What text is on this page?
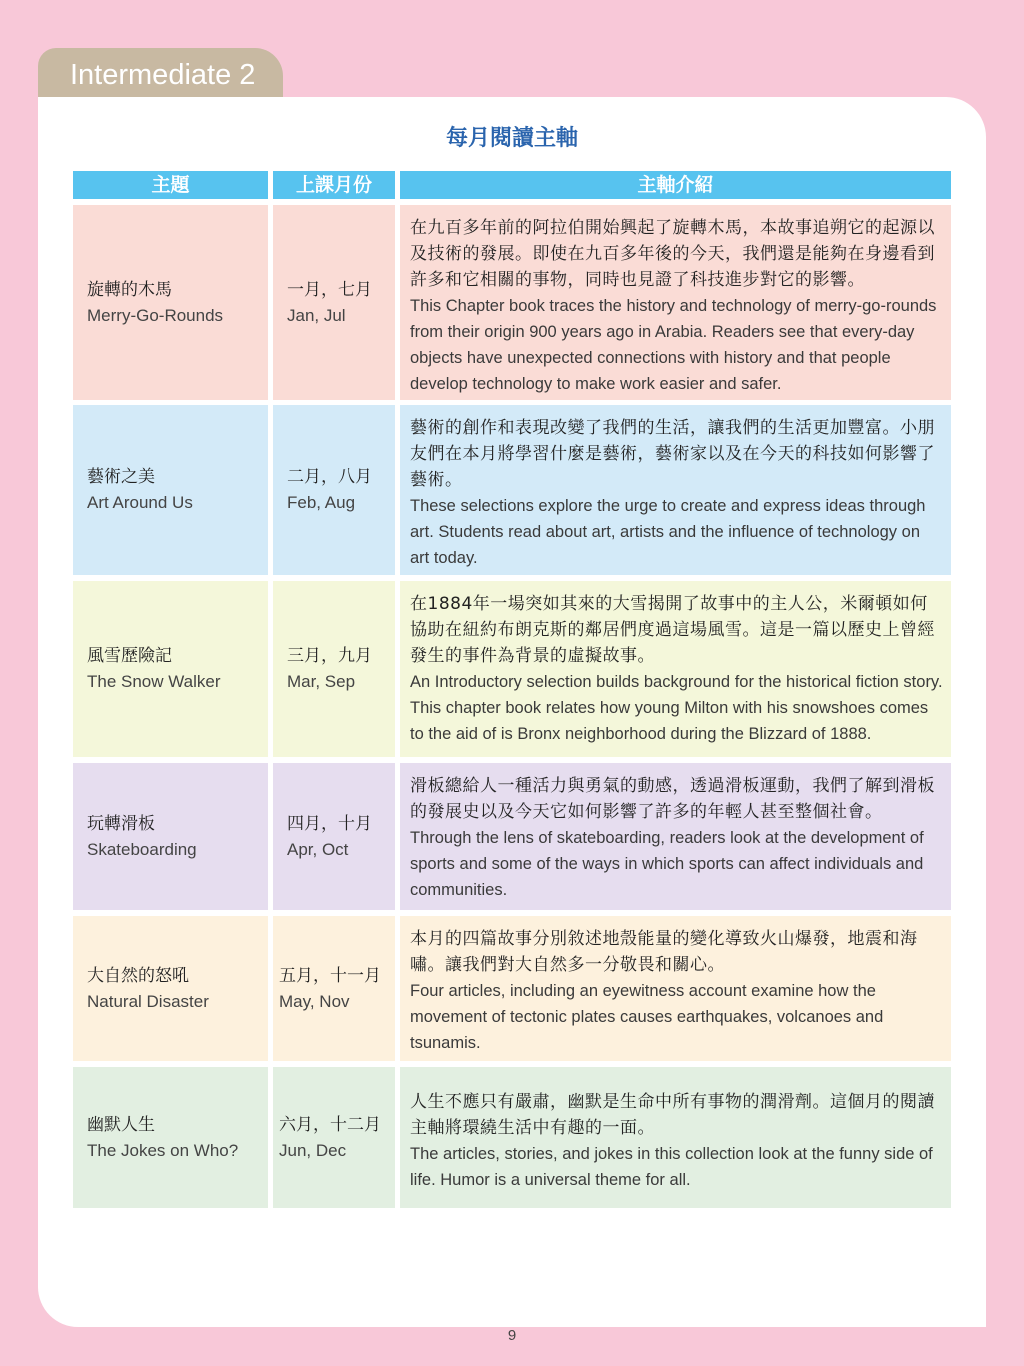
Intermediate 2
每月閱讀主軸
主題	上課月份	主軸介紹
旋轉的木馬
Merry-Go-Rounds
一月，七月
Jan, Jul
在九百多年前的阿拉伯開始興起了旋轉木馬，本故事追朔它的起源以及技術的發展。即使在九百多年後的今天，我們還是能夠在身邊看到許多和它相關的事物，同時也見證了科技進步對它的影響。
This Chapter book traces the history and technology of merry-go-rounds from their origin 900 years ago in Arabia. Readers see that every-day objects have unexpected connections with history and that people develop technology to make work easier and safer.
藝術之美
Art Around Us
二月，八月
Feb, Aug
藝術的創作和表現改變了我們的生活，讓我們的生活更加豐富。小朋友們在本月將學習什麼是藝術，藝術家以及在今天的科技如何影響了藝術。
These selections explore the urge to create and express ideas through art. Students read about art, artists and the influence of technology on art today.
風雪歷險記
The Snow Walker
三月，九月
Mar, Sep
在1884年一場突如其來的大雪揭開了故事中的主人公，米爾頓如何協助在紐約布朗克斯的鄰居們度過這場風雪。這是一篇以歷史上曾經發生的事件為背景的虛擬故事。
An Introductory selection builds background for the historical fiction story. This chapter book relates how young Milton with his snowshoes comes to the aid of is Bronx neighborhood during the Blizzard of 1888.
玩轉滑板
Skateboarding
四月，十月
Apr, Oct
滑板總給人一種活力與勇氣的動感，透過滑板運動，我們了解到滑板的發展史以及今天它如何影響了許多的年輕人甚至整個社會。
Through the lens of skateboarding, readers look at the development of sports and some of the ways in which sports can affect individuals and communities.
大自然的怒吼
Natural Disaster
五月，十一月
May, Nov
本月的四篇故事分別敘述地殼能量的變化導致火山爆發，地震和海嘯。讓我們對大自然多一分敬畏和關心。
Four articles, including an eyewitness account examine how the movement of tectonic plates causes earthquakes, volcanoes and tsunamis.
幽默人生
The Jokes on Who?
六月，十二月
Jun, Dec
人生不應只有嚴肅，幽默是生命中所有事物的潤滑劑。這個月的閱讀主軸將環繞生活中有趣的一面。
The articles, stories, and jokes in this collection look at the funny side of life. Humor is a universal theme for all.
9
